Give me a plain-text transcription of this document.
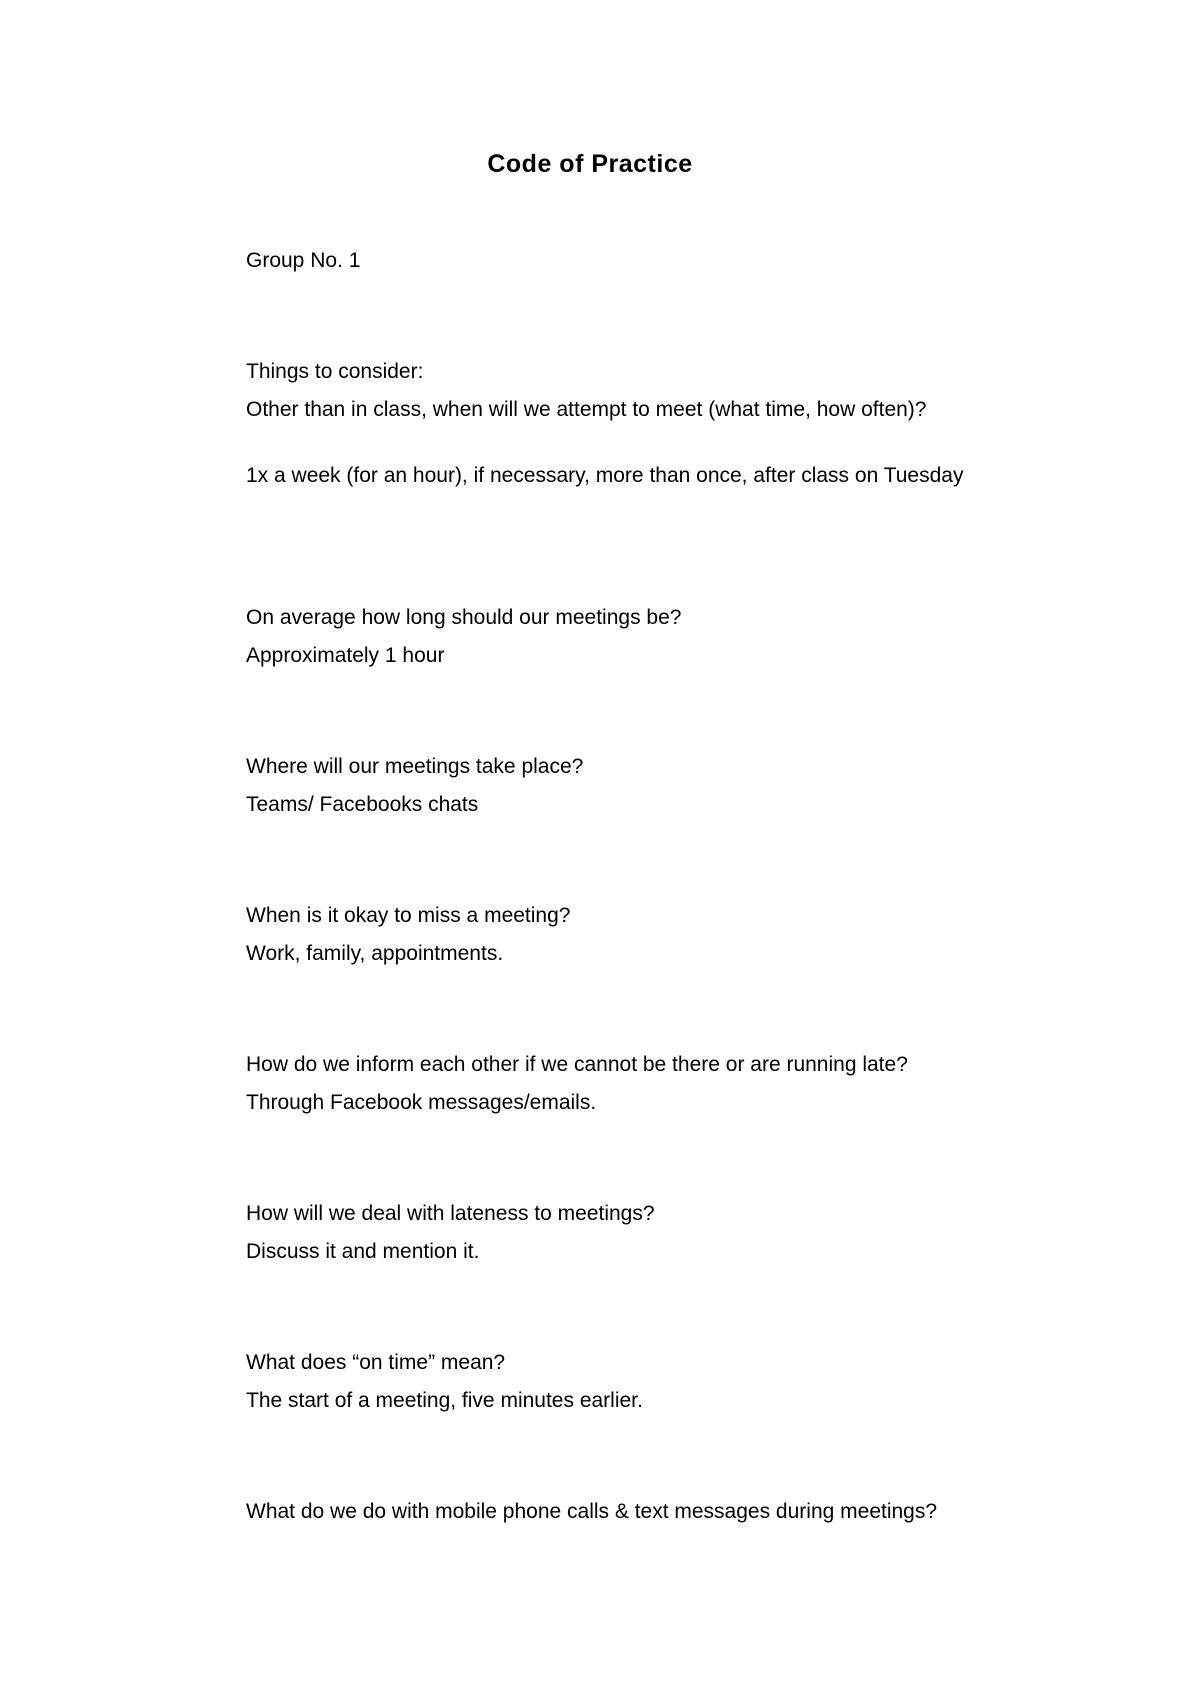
Code of Practice
Group No. 1
Things to consider:
Other than in class, when will we attempt to meet (what time, how often)?
1x a week (for an hour), if necessary, more than once, after class on Tuesday
On average how long should our meetings be?
Approximately 1 hour
Where will our meetings take place?
Teams/ Facebooks chats
When is it okay to miss a meeting?
Work, family, appointments.
How do we inform each other if we cannot be there or are running late?
Through Facebook messages/emails.
How will we deal with lateness to meetings?
Discuss it and mention it.
What does “on time” mean?
The start of a meeting, five minutes earlier.
What do we do with mobile phone calls & text messages during meetings?
